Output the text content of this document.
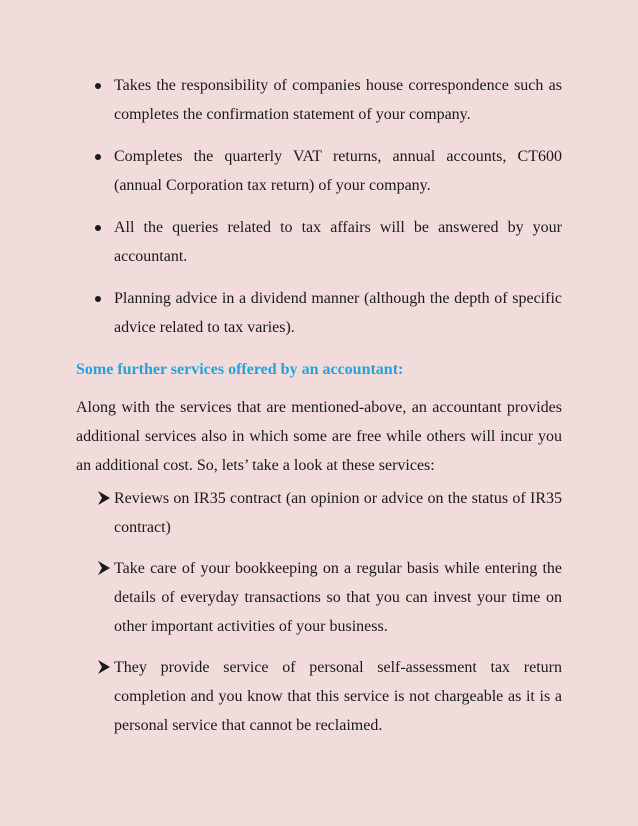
Takes the responsibility of companies house correspondence such as completes the confirmation statement of your company.
Completes the quarterly VAT returns, annual accounts, CT600 (annual Corporation tax return) of your company.
All the queries related to tax affairs will be answered by your accountant.
Planning advice in a dividend manner (although the depth of specific advice related to tax varies).
Some further services offered by an accountant:

Along with the services that are mentioned-above, an accountant provides additional services also in which some are free while others will incur you an additional cost. So, lets’ take a look at these services:

Reviews on IR35 contract (an opinion or advice on the status of IR35 contract)
Take care of your bookkeeping on a regular basis while entering the details of everyday transactions so that you can invest your time on other important activities of your business.
They provide service of personal self-assessment tax return completion and you know that this service is not chargeable as it is a personal service that cannot be reclaimed.
